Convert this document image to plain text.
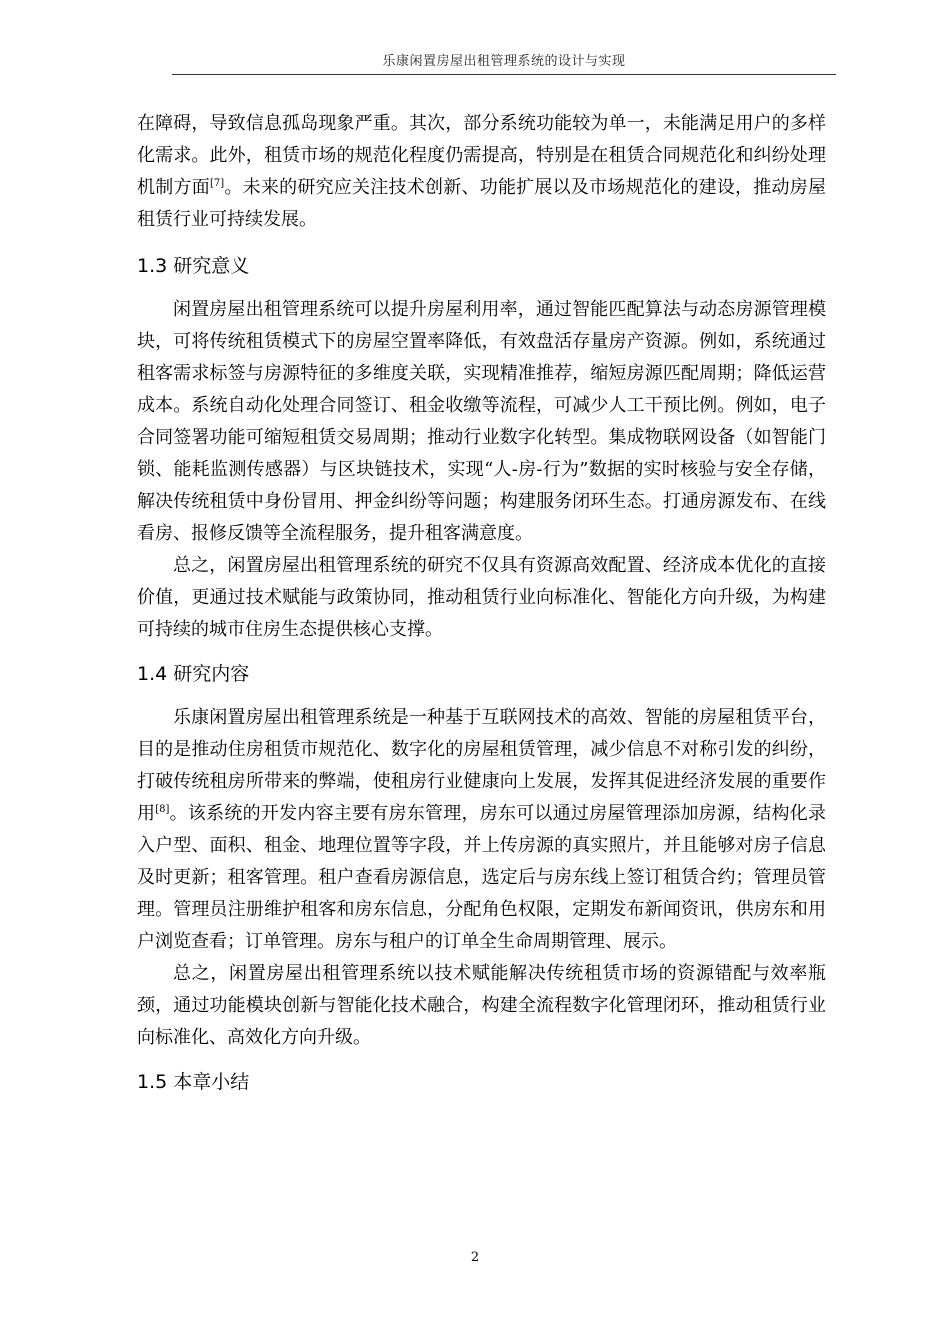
乐康闲置房屋出租管理系统的设计与实现

在障碍，导致信息孤岛现象严重。其次，部分系统功能较为单一，未能满足用户的多样化需求。此外，租赁市场的规范化程度仍需提高，特别是在租赁合同规范化和纠纷处理机制方面[7]。未来的研究应关注技术创新、功能扩展以及市场规范化的建设，推动房屋租赁行业可持续发展。

1.3 研究意义

闲置房屋出租管理系统可以提升房屋利用率，通过智能匹配算法与动态房源管理模块，可将传统租赁模式下的房屋空置率降低，有效盘活存量房产资源。例如，系统通过租客需求标签与房源特征的多维度关联，实现精准推荐，缩短房源匹配周期；降低运营成本。系统自动化处理合同签订、租金收缴等流程，可减少人工干预比例。例如，电子合同签署功能可缩短租赁交易周期；推动行业数字化转型。集成物联网设备（如智能门锁、能耗监测传感器）与区块链技术，实现“人-房-行为”数据的实时核验与安全存储，解决传统租赁中身份冒用、押金纠纷等问题；构建服务闭环生态。打通房源发布、在线看房、报修反馈等全流程服务，提升租客满意度。

总之，闲置房屋出租管理系统的研究不仅具有资源高效配置、经济成本优化的直接价值，更通过技术赋能与政策协同，推动租赁行业向标准化、智能化方向升级，为构建可持续的城市住房生态提供核心支撑。

1.4 研究内容

乐康闲置房屋出租管理系统是一种基于互联网技术的高效、智能的房屋租赁平台，目的是推动住房租赁市规范化、数字化的房屋租赁管理，减少信息不对称引发的纠纷，打破传统租房所带来的弊端，使租房行业健康向上发展，发挥其促进经济发展的重要作用[8]。该系统的开发内容主要有房东管理，房东可以通过房屋管理添加房源，结构化录入户型、面积、租金、地理位置等字段，并上传房源的真实照片，并且能够对房子信息及时更新；租客管理。租户查看房源信息，选定后与房东线上签订租赁合约；管理员管理。管理员注册维护租客和房东信息，分配角色权限，定期发布新闻资讯，供房东和用户浏览查看；订单管理。房东与租户的订单全生命周期管理、展示。

总之，闲置房屋出租管理系统以技术赋能解决传统租赁市场的资源错配与效率瓶颈，通过功能模块创新与智能化技术融合，构建全流程数字化管理闭环，推动租赁行业向标准化、高效化方向升级。

1.5 本章小结
2
